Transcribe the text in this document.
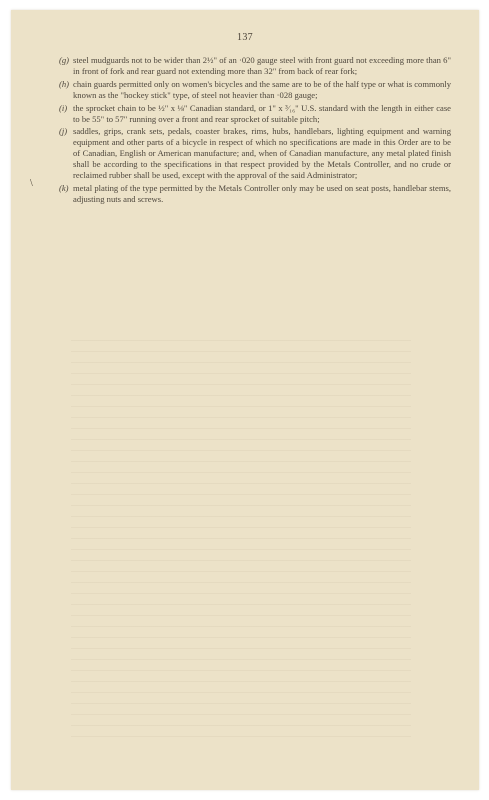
137
\
(g) steel mudguards not to be wider than 2½" of an ·020 gauge steel with front guard not exceeding more than 6" in front of fork and rear guard not extending more than 32" from back of rear fork;
(h) chain guards permitted only on women's bicycles and the same are to be of the half type or what is commonly known as the "hockey stick" type, of steel not heavier than ·028 gauge;
(i) the sprocket chain to be ½" x ⅛" Canadian standard, or 1" x ³⁄₁₆" U.S. standard with the length in either case to be 55" to 57" running over a front and rear sprocket of suitable pitch;
(j) saddles, grips, crank sets, pedals, coaster brakes, rims, hubs, handlebars, lighting equipment and warning equipment and other parts of a bicycle in respect of which no specifications are made in this Order are to be of Canadian, English or American manufacture; and, when of Canadian manufacture, any metal plated finish shall be according to the specifications in that respect provided by the Metals Controller, and no crude or reclaimed rubber shall be used, except with the approval of the said Administrator;
(k) metal plating of the type permitted by the Metals Controller only may be used on seat posts, handlebar stems, adjusting nuts and screws.
